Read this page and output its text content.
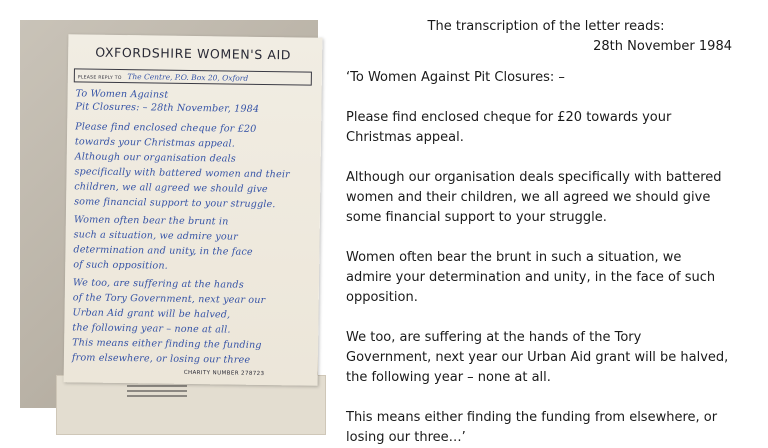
OXFORDSHIRE WOMEN'S AID
PLEASE REPLY TO The Centre, P.O. Box 20, Oxford
To Women Against
Pit Closures: – 28th November, 1984
Please find enclosed cheque for £20
towards your Christmas appeal.
Although our organisation deals
specifically with battered women and their
children, we all agreed we should give
some financial support to your struggle.
Women often bear the brunt in
such a situation, we admire your
determination and unity, in the face
of such opposition.
We too, are suffering at the hands
of the Tory Government, next year our
Urban Aid grant will be halved,
the following year – none at all.
This means either finding the funding
from elsewhere, or losing our three
CHARITY NUMBER 278723

The transcription of the letter reads:

28th November 1984

‘To Women Against Pit Closures: –

Please find enclosed cheque for £20 towards your Christmas appeal.

Although our organisation deals specifically with battered women and their children, we all agreed we should give some financial support to your struggle.

Women often bear the brunt in such a situation, we admire your determination and unity, in the face of such opposition.

We too, are suffering at the hands of the Tory Government, next year our Urban Aid grant will be halved, the following year – none at all.

This means either finding the funding from elsewhere, or losing our three…’
